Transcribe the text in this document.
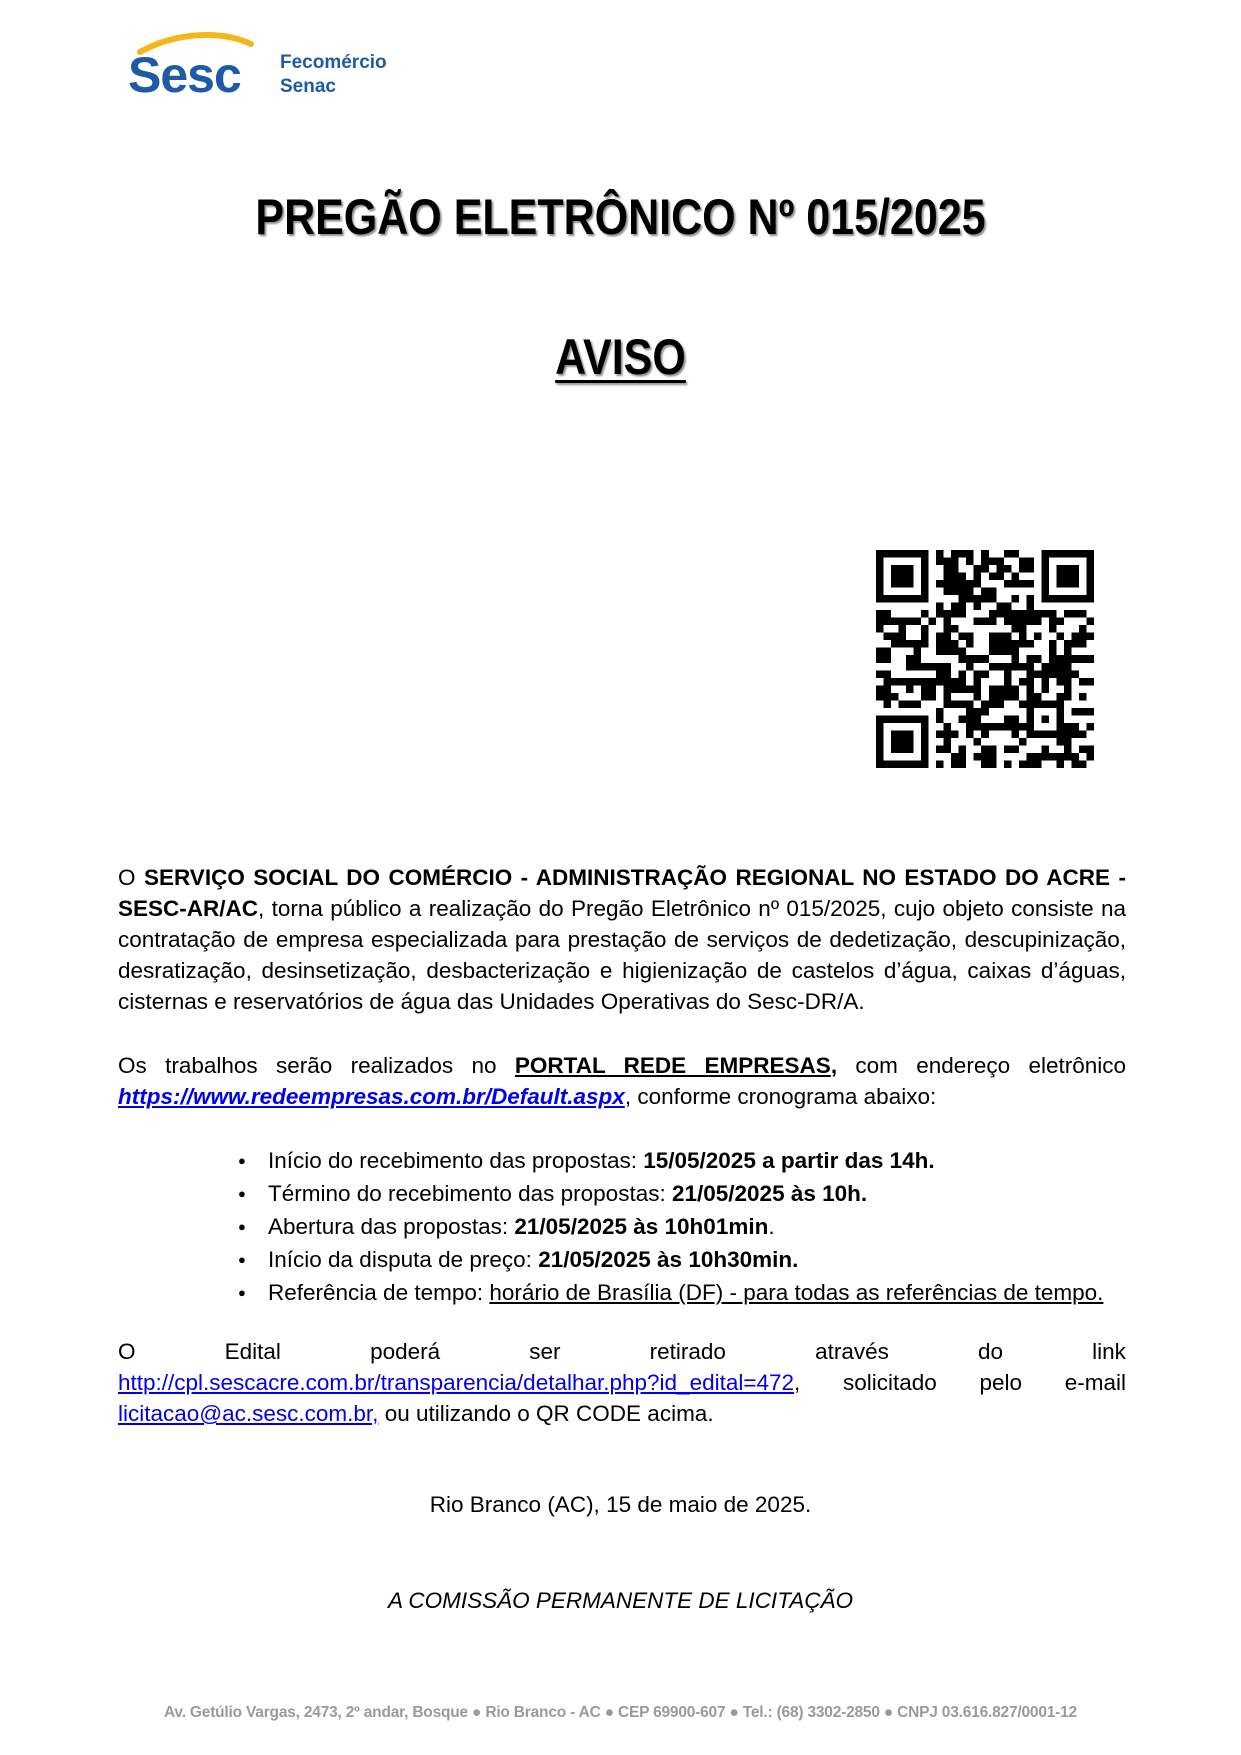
Sesc Fecomércio
Senac
PREGÃO ELETRÔNICO Nº 015/2025
AVISO
O SERVIÇO SOCIAL DO COMÉRCIO - ADMINISTRAÇÃO REGIONAL NO ESTADO DO ACRE - SESC-AR/AC, torna público a realização do Pregão Eletrônico nº 015/2025, cujo objeto consiste na contratação de empresa especializada para prestação de serviços de dedetização, descupinização, desratização, desinsetização, desbacterização e higienização de castelos d’água, caixas d’águas, cisternas e reservatórios de água das Unidades Operativas do Sesc-DR/A.
Os trabalhos serão realizados no PORTAL REDE EMPRESAS, com endereço eletrônico https://www.redeempresas.com.br/Default.aspx, conforme cronograma abaixo:
● Início do recebimento das propostas: 15/05/2025 a partir das 14h.
● Término do recebimento das propostas: 21/05/2025 às 10h.
● Abertura das propostas: 21/05/2025 às 10h01min.
● Início da disputa de preço: 21/05/2025 às 10h30min.
● Referência de tempo: horário de Brasília (DF) - para todas as referências de tempo.
O	Edital	poderá	ser	retirado	através	do	link
http://cpl.sescacre.com.br/transparencia/detalhar.php?id_edital=472, solicitado pelo e-mail
licitacao@ac.sesc.com.br, ou utilizando o QR CODE acima.
Rio Branco (AC), 15 de maio de 2025.
A COMISSÃO PERMANENTE DE LICITAÇÃO
Av. Getúlio Vargas, 2473, 2º andar, Bosque ● Rio Branco - AC ● CEP 69900-607 ● Tel.: (68) 3302-2850 ● CNPJ 03.616.827/0001-12
